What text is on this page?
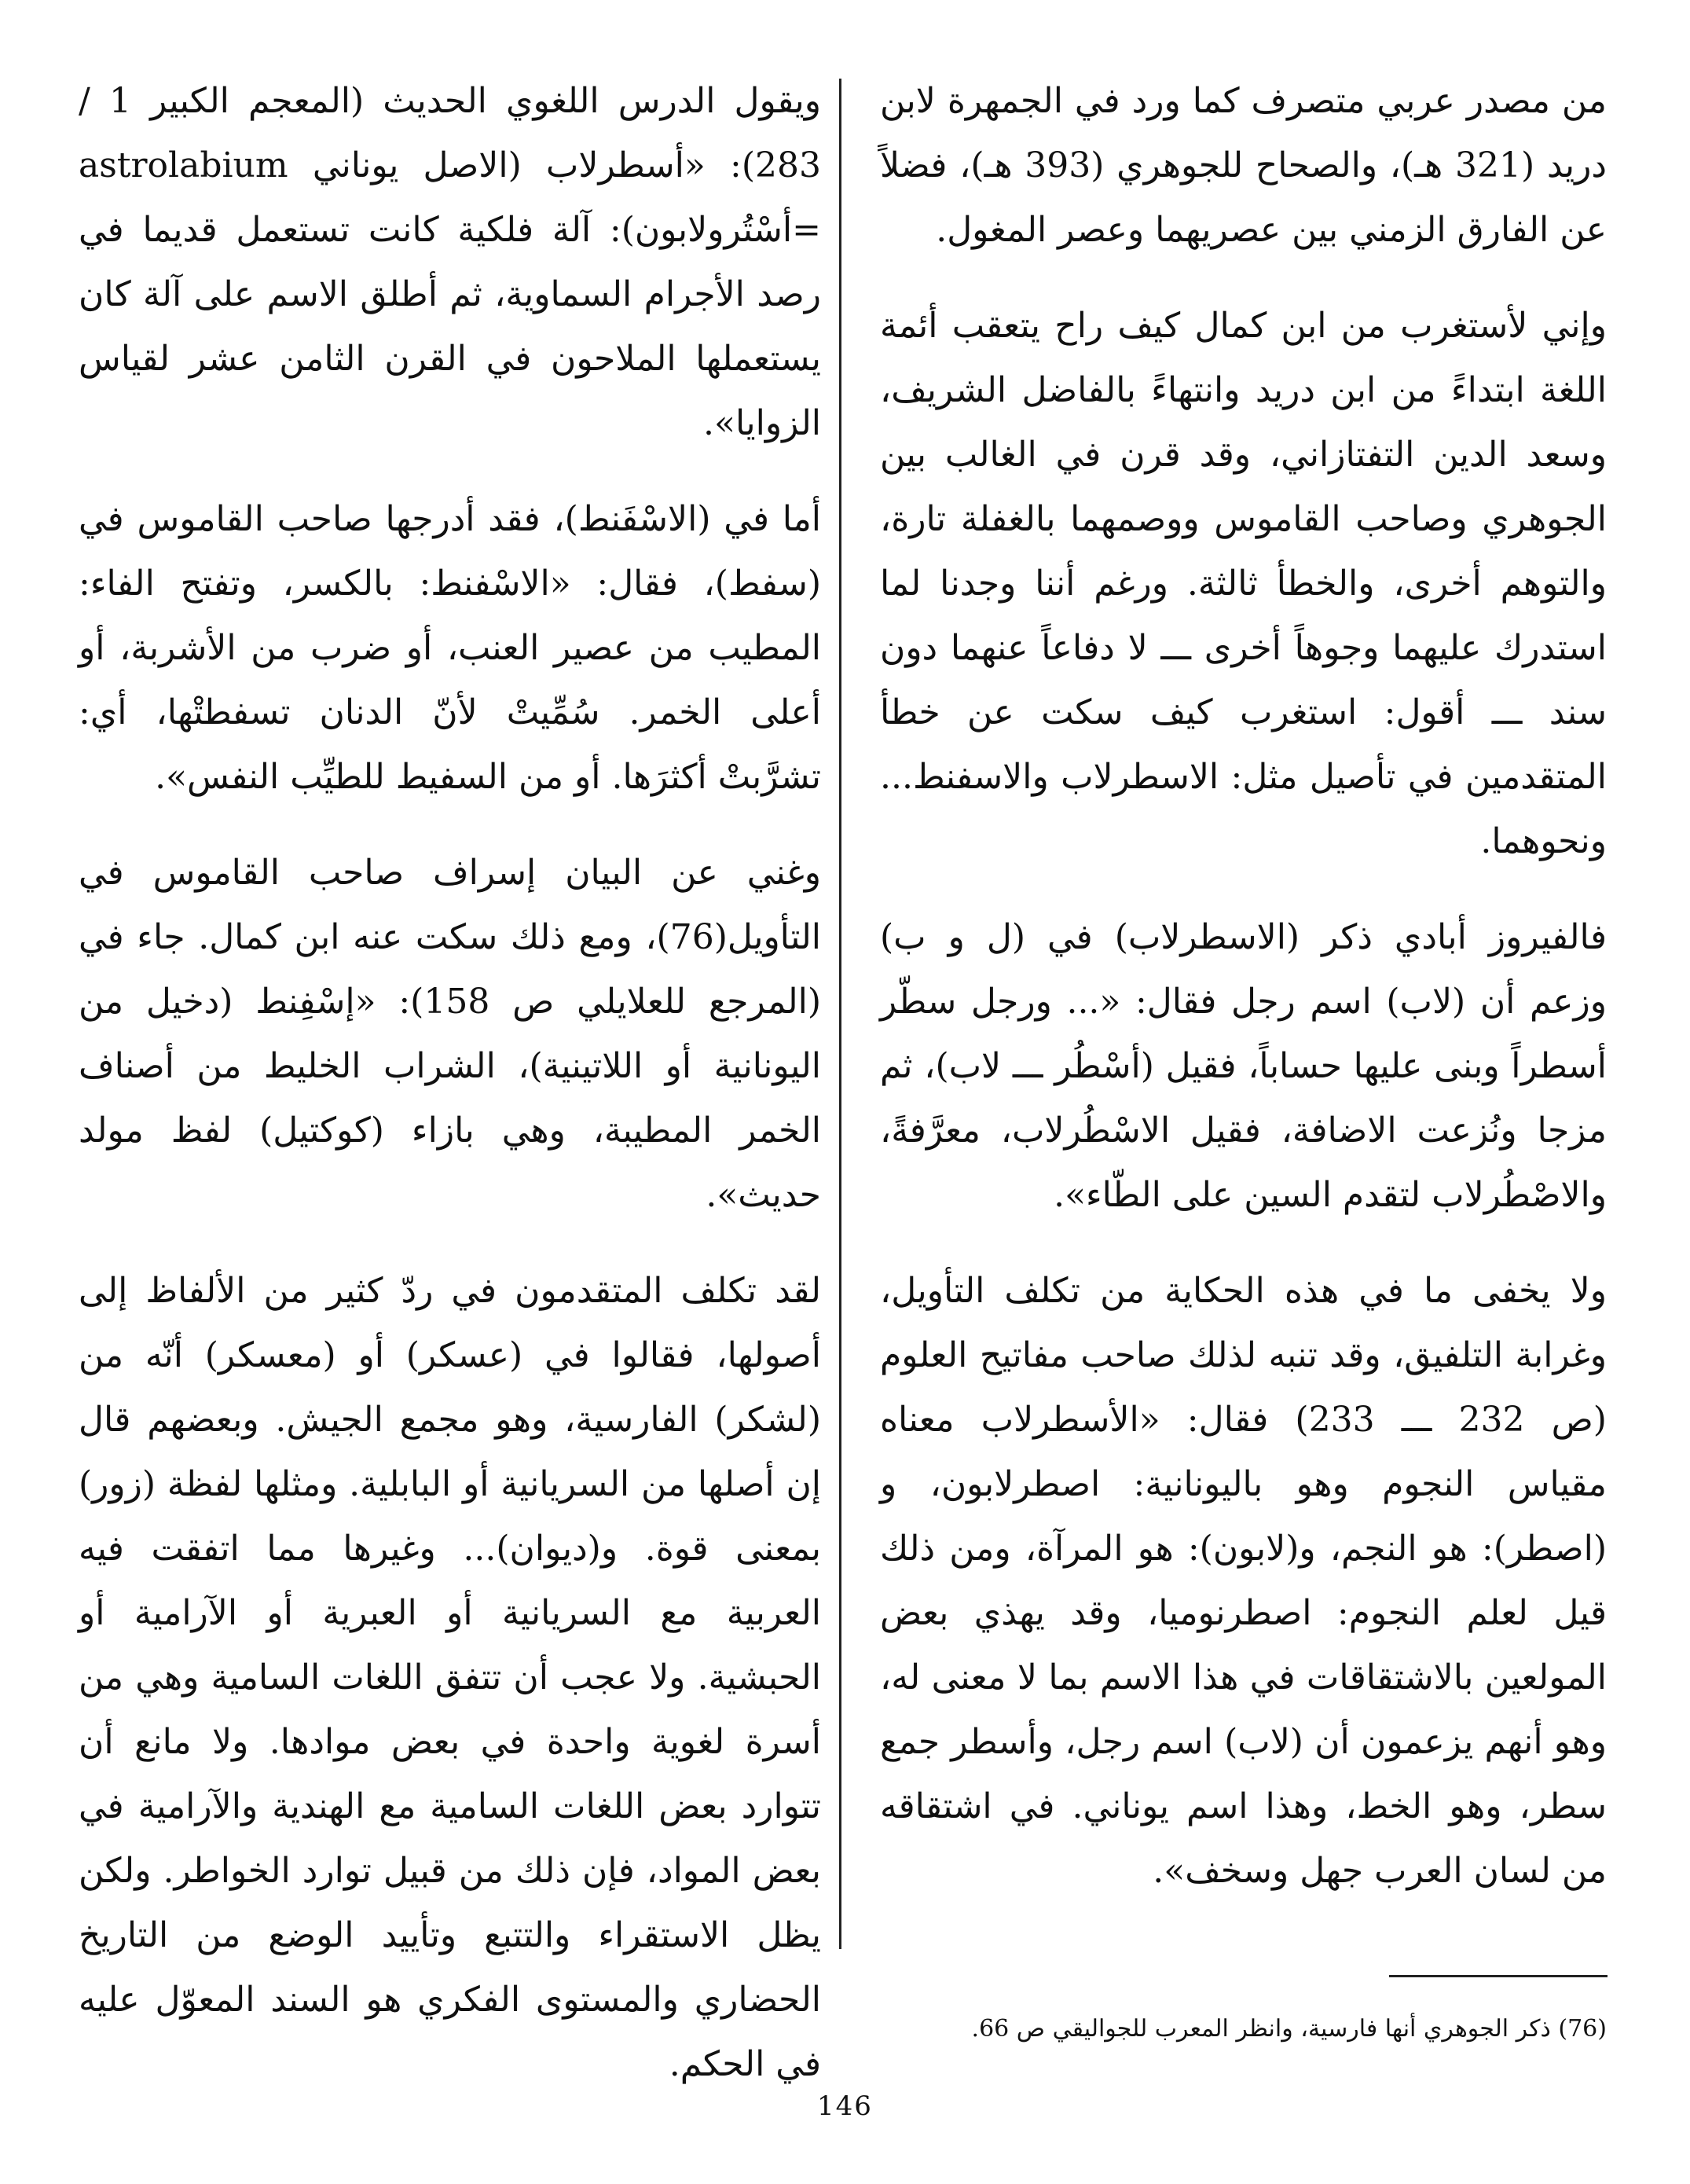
من مصدر عربي متصرف كما ورد في الجمهرة لابن دريد (321 هـ)، والصحاح للجوهري (393 هـ)، فضلاً عن الفارق الزمني بين عصريهما وعصر المغول.

وإني لأستغرب من ابن كمال كيف راح يتعقب أئمة اللغة ابتداءً من ابن دريد وانتهاءً بالفاضل الشريف، وسعد الدين التفتازاني، وقد قرن في الغالب بين الجوهري وصاحب القاموس ووصمهما بالغفلة تارة، والتوهم أخرى، والخطأ ثالثة. ورغم أننا وجدنا لما استدرك عليهما وجوهاً أخرى ـــ لا دفاعاً عنهما دون سند ـــ أقول: استغرب كيف سكت عن خطأ المتقدمين في تأصيل مثل: الاسطرلاب والاسفنط... ونحوهما.

فالفيروز أبادي ذكر (الاسطرلاب) في (ل و ب) وزعم أن (لاب) اسم رجل فقال: «... ورجل سطّر أسطراً وبنى عليها حساباً، فقيل (أسْطُر ـــ لاب)، ثم مزجا ونُزعت الاضافة، فقيل الاسْطُرلاب، معرَّفةً، والاصْطُرلاب لتقدم السين على الطّاء».

ولا يخفى ما في هذه الحكاية من تكلف التأويل، وغرابة التلفيق، وقد تنبه لذلك صاحب مفاتيح العلوم (ص 232 ـــ 233) فقال: «الأسطرلاب معناه مقياس النجوم وهو باليونانية: اصطرلابون، و (اصطر): هو النجم، و(لابون): هو المرآة، ومن ذلك قيل لعلم النجوم: اصطرنوميا، وقد يهذي بعض المولعين بالاشتقاقات في هذا الاسم بما لا معنى له، وهو أنهم يزعمون أن (لاب) اسم رجل، وأسطر جمع سطر، وهو الخط، وهذا اسم يوناني. في اشتقاقه من لسان العرب جهل وسخف».

ويقول الدرس اللغوي الحديث (المعجم الكبير 1 / 283): «أسطرلاب (الاصل يوناني astrolabium =أسْتُرولابون): آلة فلكية كانت تستعمل قديما في رصد الأجرام السماوية، ثم أطلق الاسم على آلة كان يستعملها الملاحون في القرن الثامن عشر لقياس الزوايا».

أما في (الاسْفَنط)، فقد أدرجها صاحب القاموس في (سفط)، فقال: «الاسْفنط: بالكسر، وتفتح الفاء: المطيب من عصير العنب، أو ضرب من الأشربة، أو أعلى الخمر. سُمِّيتْ لأنّ الدنان تسفطتْها، أي: تشرَّبتْ أكثرَها. أو من السفيط للطيِّب النفس».

وغني عن البيان إسراف صاحب القاموس في التأويل(76)، ومع ذلك سكت عنه ابن كمال. جاء في (المرجع للعلايلي ص 158): «إسْفِنط (دخيل من اليونانية أو اللاتينية)، الشراب الخليط من أصناف الخمر المطيبة، وهي بازاء (كوكتيل) لفظ مولد حديث».

لقد تكلف المتقدمون في ردّ كثير من الألفاظ إلى أصولها، فقالوا في (عسكر) أو (معسكر) أنّه من (لشكر) الفارسية، وهو مجمع الجيش. وبعضهم قال إن أصلها من السريانية أو البابلية. ومثلها لفظة (زور) بمعنى قوة. و(ديوان)... وغيرها مما اتفقت فيه العربية مع السريانية أو العبرية أو الآرامية أو الحبشية. ولا عجب أن تتفق اللغات السامية وهي من أسرة لغوية واحدة في بعض موادها. ولا مانع أن تتوارد بعض اللغات السامية مع الهندية والآرامية في بعض المواد، فإن ذلك من قبيل توارد الخواطر. ولكن يظل الاستقراء والتتبع وتأييد الوضع من التاريخ الحضاري والمستوى الفكري هو السند المعوّل عليه في الحكم.

(76) ذكر الجوهري أنها فارسية، وانظر المعرب للجواليقي ص 66.
146
